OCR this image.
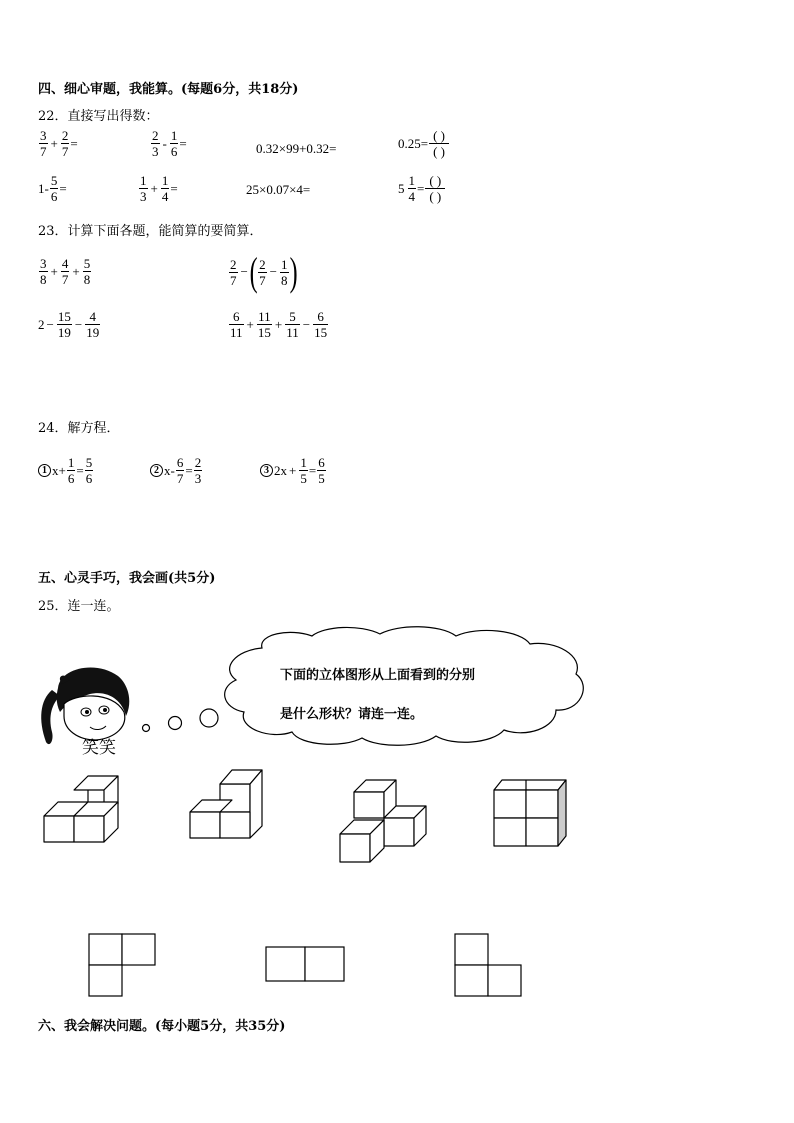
四、细心审题，我能算。(每题6分，共18分)
22．直接写出得数：
$\frac{3}{7} + \frac{2}{7}$ =	$\frac{2}{3} - \frac{1}{6}$ =	0.32×99+0.32=	$0.25= \frac{( )}{( )}$
$1- \frac{5}{6}$ =	$\frac{1}{3} + \frac{1}{4}$ =	25×0.07×4=	$5 \frac{1}{4} = \frac{( )}{( )}$
23．计算下面各题，能简算的要简算．
$\frac{3}{8} + \frac{4}{7} + \frac{5}{8}$	$\frac{2}{7}$ − ( $\frac{2}{7} - \frac{1}{8}$ )
$2 - \frac{15}{19} - \frac{4}{19}$	$\frac{6}{11} + \frac{11}{15} + \frac{5}{11} - \frac{6}{15}$
24．解方程．
1 $x+ \frac{1}{6} = \frac{5}{6}$	2 $x- \frac{6}{7} = \frac{2}{3}$	3 $2x + \frac{1}{5} = \frac{6}{5}$
五、心灵手巧，我会画(共5分)
25．连一连。
下面的立体图形从上面看到的分别
是什么形状？请连一连。
笑笑
六、我会解决问题。(每小题5分，共35分)
